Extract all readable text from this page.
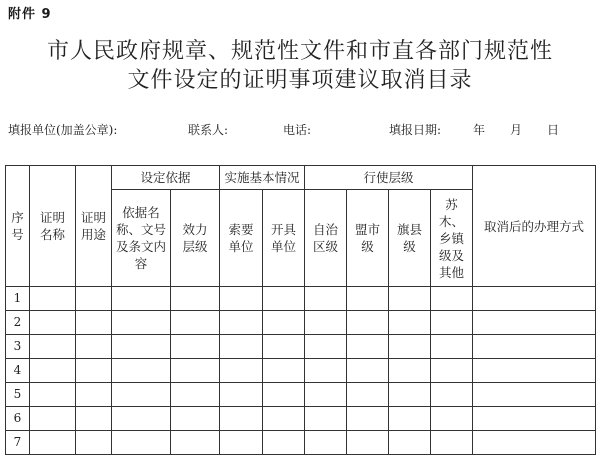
附件 9
市人民政府规章、规范性文件和市直各部门规范性
文件设定的证明事项建议取消目录
填报单位(加盖公章):	联系人:	电话:	填报日期:	年 月 日
序号	证明名称	证明用途	设定依据		实施基本情况		行使层级				取消后的办理方式
			依据名称、文号及条文内容	效力层级	索要单位	开具单位	自治区级	盟市级	旗县级	苏木、乡镇级及其他	
1											
2											
3											
4											
5											
6											
7											
